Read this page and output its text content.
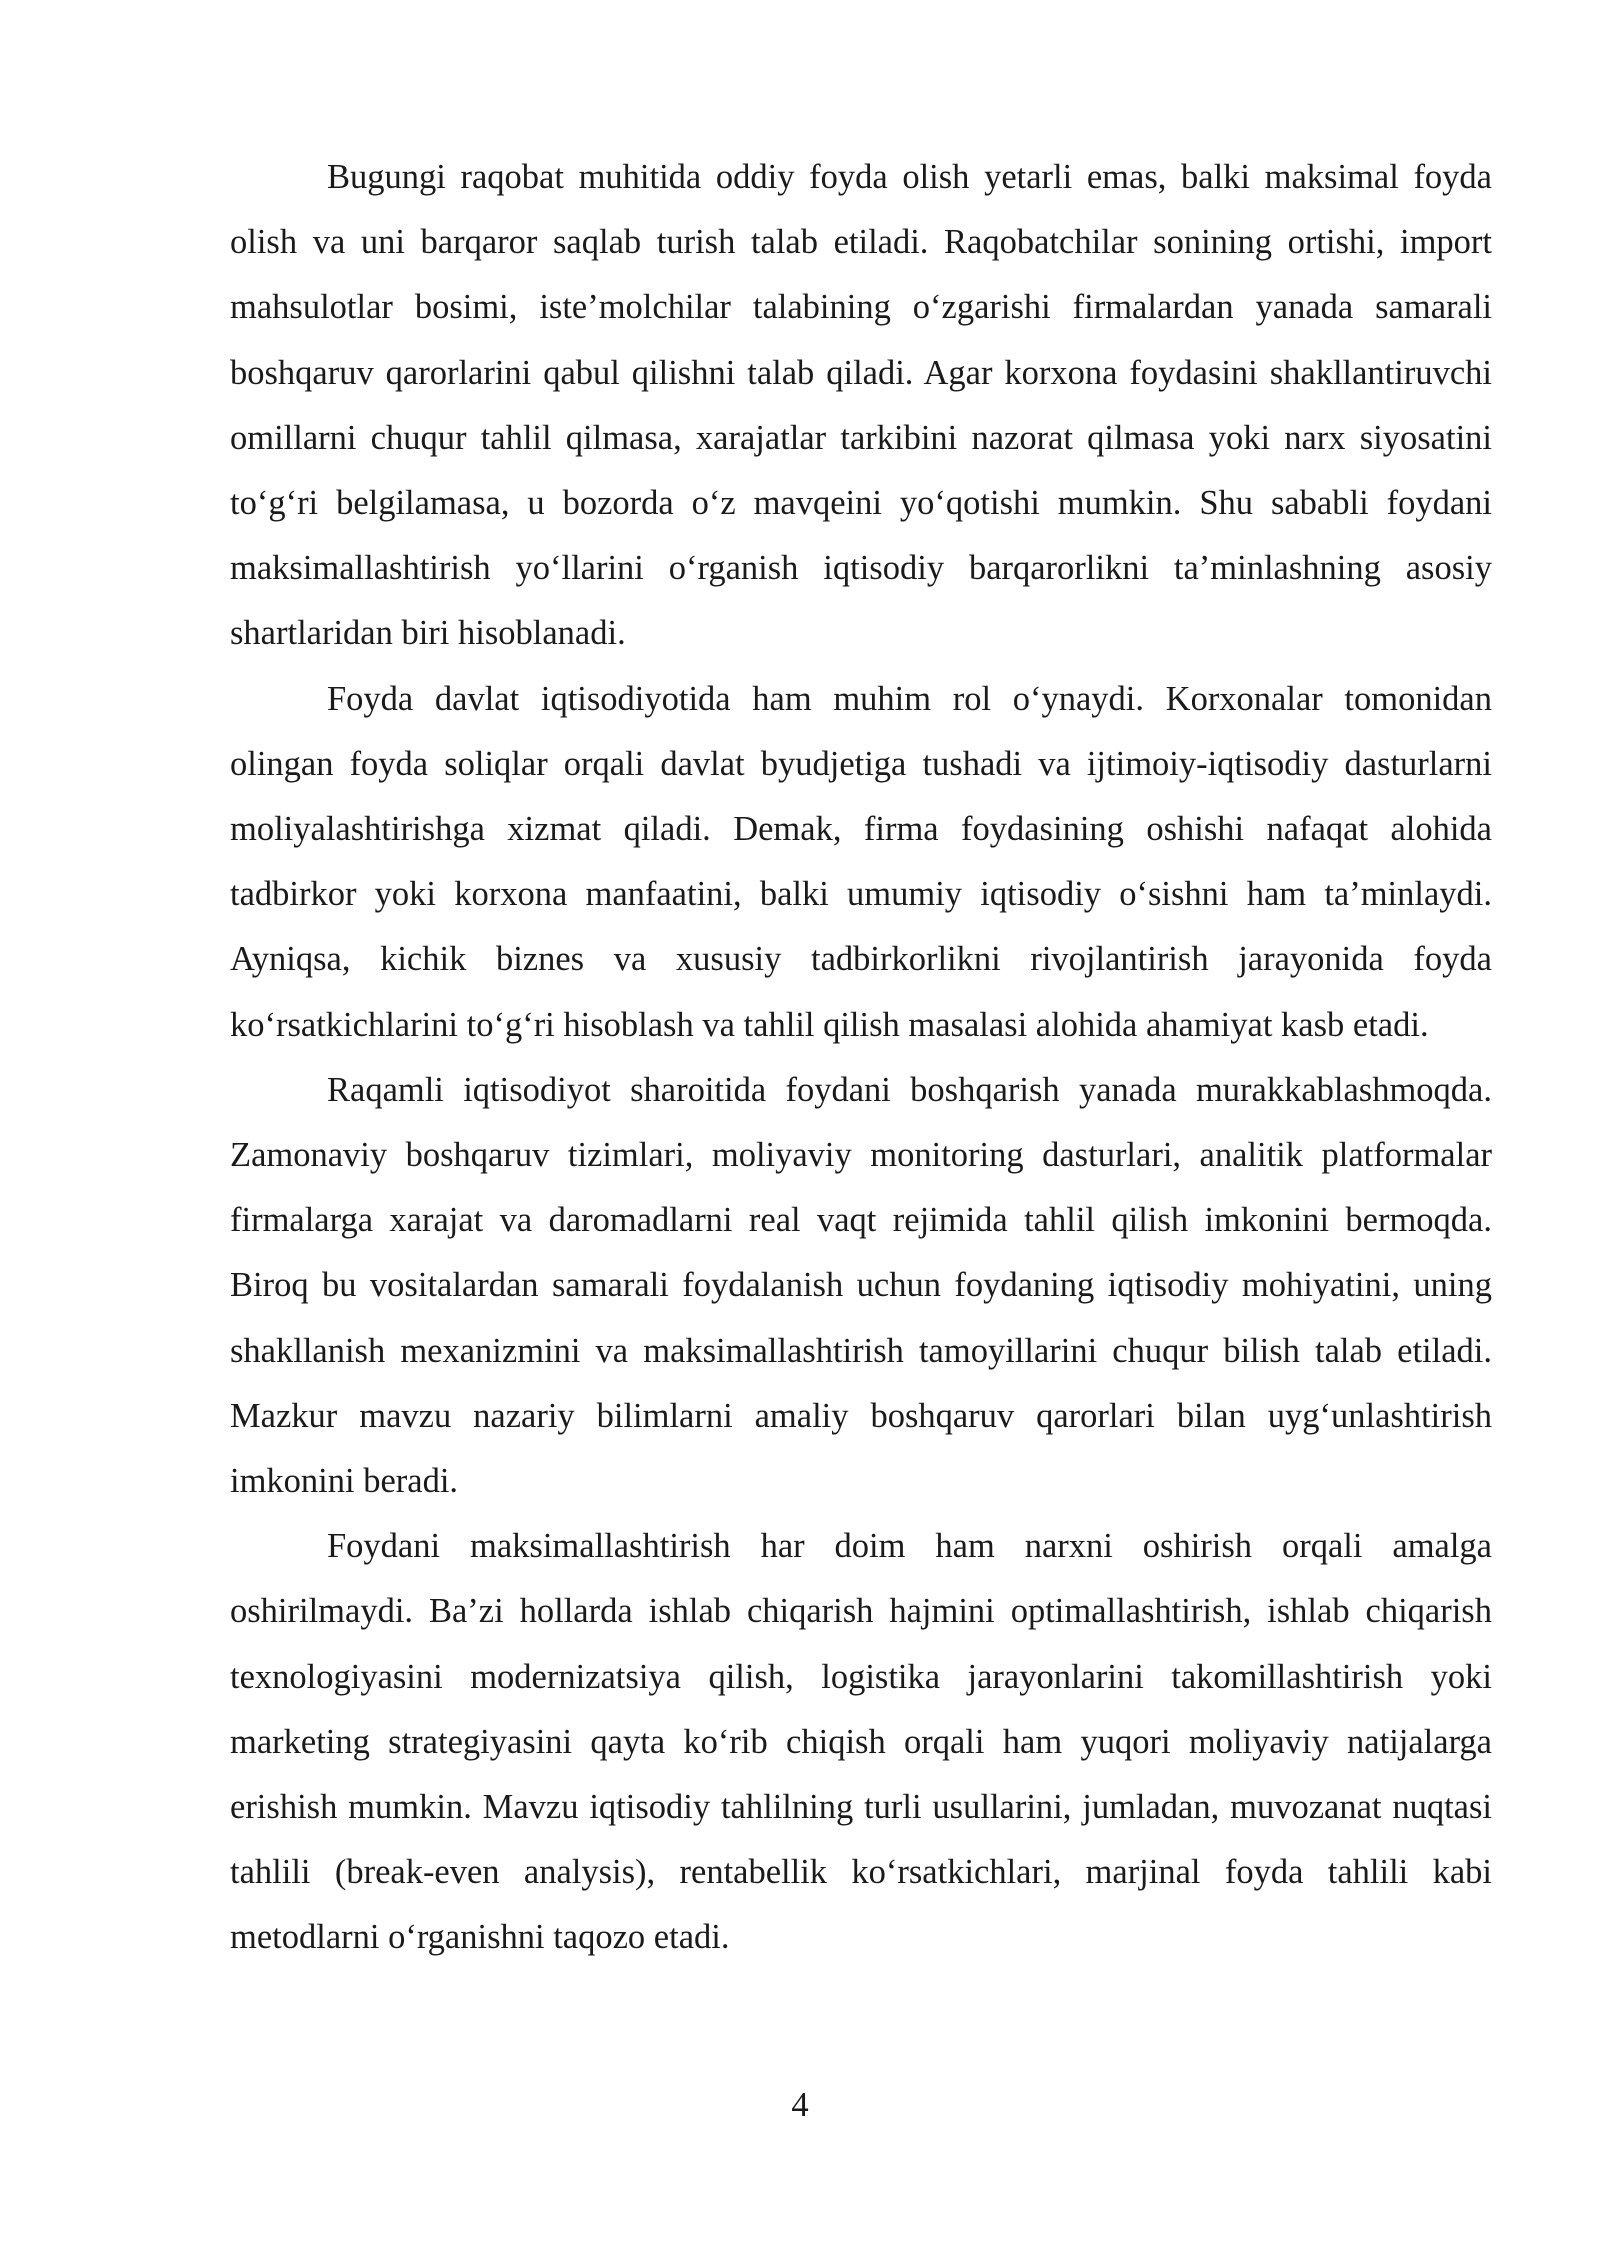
Bugungi raqobat muhitida oddiy foyda olish yetarli emas, balki maksimal foyda olish va uni barqaror saqlab turish talab etiladi. Raqobatchilar sonining ortishi, import mahsulotlar bosimi, iste’molchilar talabining o‘zgarishi firmalardan yanada samarali boshqaruv qarorlarini qabul qilishni talab qiladi. Agar korxona foydasini shakllantiruvchi omillarni chuqur tahlil qilmasa, xarajatlar tarkibini nazorat qilmasa yoki narx siyosatini to‘g‘ri belgilamasa, u bozorda o‘z mavqeini yo‘qotishi mumkin. Shu sababli foydani maksimallashtirish yo‘llarini o‘rganish iqtisodiy barqarorlikni ta’minlashning asosiy shartlaridan biri hisoblanadi.

Foyda davlat iqtisodiyotida ham muhim rol o‘ynaydi. Korxonalar tomonidan olingan foyda soliqlar orqali davlat byudjetiga tushadi va ijtimoiy-iqtisodiy dasturlarni moliyalashtirishga xizmat qiladi. Demak, firma foydasining oshishi nafaqat alohida tadbirkor yoki korxona manfaatini, balki umumiy iqtisodiy o‘sishni ham ta’minlaydi. Ayniqsa, kichik biznes va xususiy tadbirkorlikni rivojlantirish jarayonida foyda ko‘rsatkichlarini to‘g‘ri hisoblash va tahlil qilish masalasi alohida ahamiyat kasb etadi.

Raqamli iqtisodiyot sharoitida foydani boshqarish yanada murakkablashmoqda. Zamonaviy boshqaruv tizimlari, moliyaviy monitoring dasturlari, analitik platformalar firmalarga xarajat va daromadlarni real vaqt rejimida tahlil qilish imkonini bermoqda. Biroq bu vositalardan samarali foydalanish uchun foydaning iqtisodiy mohiyatini, uning shakllanish mexanizmini va maksimallashtirish tamoyillarini chuqur bilish talab etiladi. Mazkur mavzu nazariy bilimlarni amaliy boshqaruv qarorlari bilan uyg‘unlashtirish imkonini beradi.

Foydani maksimallashtirish har doim ham narxni oshirish orqali amalga oshirilmaydi. Ba’zi hollarda ishlab chiqarish hajmini optimallashtirish, ishlab chiqarish texnologiyasini modernizatsiya qilish, logistika jarayonlarini takomillashtirish yoki marketing strategiyasini qayta ko‘rib chiqish orqali ham yuqori moliyaviy natijalarga erishish mumkin. Mavzu iqtisodiy tahlilning turli usullarini, jumladan, muvozanat nuqtasi tahlili (break-even analysis), rentabellik ko‘rsatkichlari, marjinal foyda tahlili kabi metodlarni o‘rganishni taqozo etadi.

4
